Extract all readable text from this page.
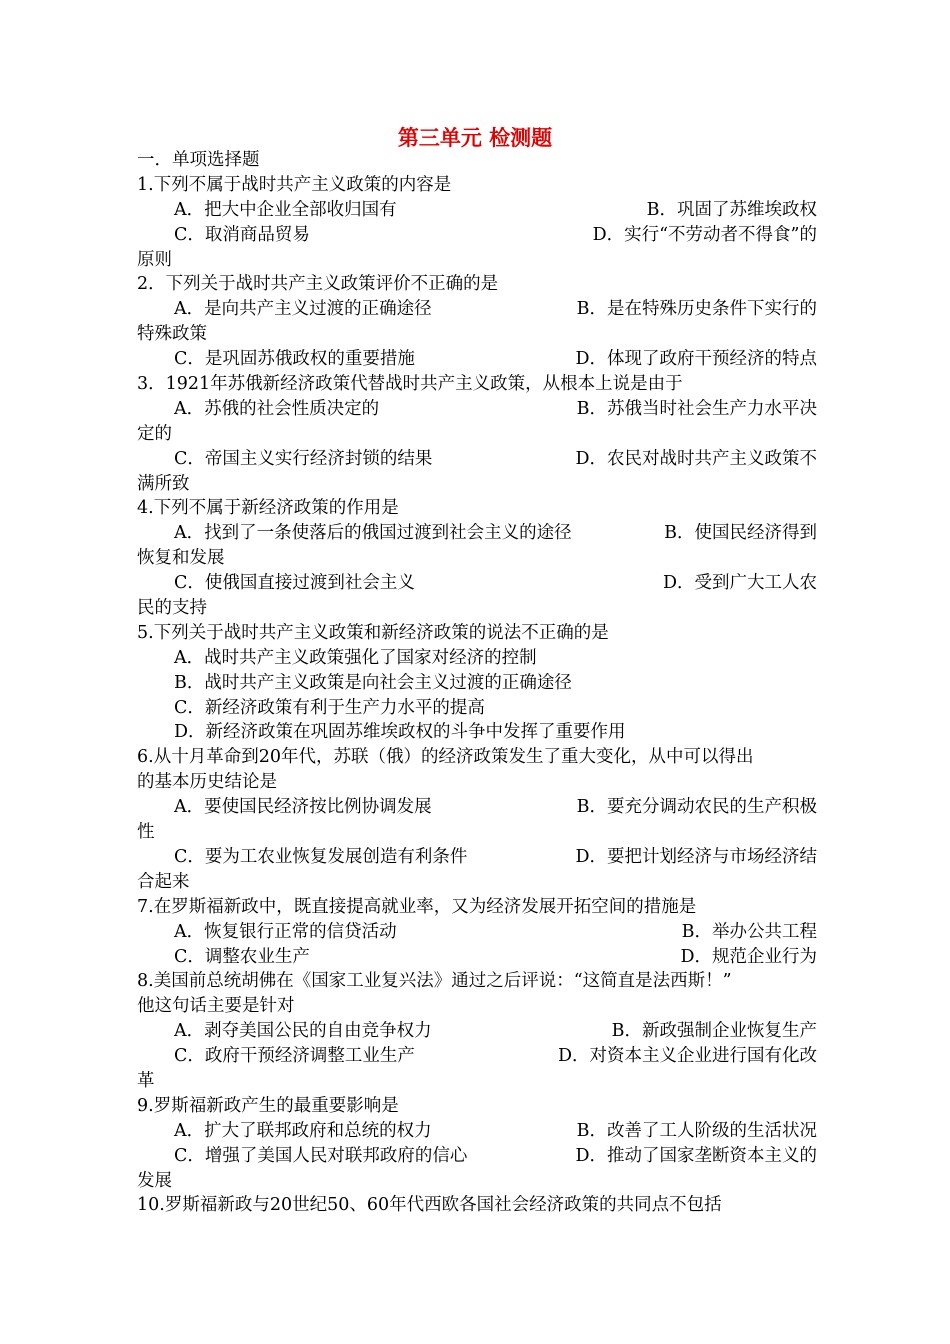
第三单元 检测题
一．单项选择题
1.下列不属于战时共产主义政策的内容是
A．把大中企业全部收归国有	B．巩固了苏维埃政权
C．取消商品贸易	D．实行“不劳动者不得食”的
原则
2．下列关于战时共产主义政策评价不正确的是
A．是向共产主义过渡的正确途径	B．是在特殊历史条件下实行的
特殊政策
C．是巩固苏俄政权的重要措施	D．体现了政府干预经济的特点
3．1921年苏俄新经济政策代替战时共产主义政策，从根本上说是由于
A．苏俄的社会性质决定的	B．苏俄当时社会生产力水平决
定的
C．帝国主义实行经济封锁的结果	D．农民对战时共产主义政策不
满所致
4.下列不属于新经济政策的作用是
A．找到了一条使落后的俄国过渡到社会主义的途径	B．使国民经济得到
恢复和发展
C．使俄国直接过渡到社会主义	D．受到广大工人农
民的支持
5.下列关于战时共产主义政策和新经济政策的说法不正确的是
A．战时共产主义政策强化了国家对经济的控制
B．战时共产主义政策是向社会主义过渡的正确途径
C．新经济政策有利于生产力水平的提高
D．新经济政策在巩固苏维埃政权的斗争中发挥了重要作用
6.从十月革命到20年代，苏联（俄）的经济政策发生了重大变化，从中可以得出
的基本历史结论是
A．要使国民经济按比例协调发展	B．要充分调动农民的生产积极
性
C．要为工农业恢复发展创造有利条件	D．要把计划经济与市场经济结
合起来
7.在罗斯福新政中，既直接提高就业率，又为经济发展开拓空间的措施是
A．恢复银行正常的信贷活动	B．举办公共工程
C．调整农业生产	D．规范企业行为
8.美国前总统胡佛在《国家工业复兴法》通过之后评说：“这简直是法西斯！”
他这句话主要是针对
A．剥夺美国公民的自由竞争权力	B．新政强制企业恢复生产
C．政府干预经济调整工业生产	D．对资本主义企业进行国有化改
革
9.罗斯福新政产生的最重要影响是
A．扩大了联邦政府和总统的权力	B．改善了工人阶级的生活状况
C．增强了美国人民对联邦政府的信心	D．推动了国家垄断资本主义的
发展
10.罗斯福新政与20世纪50、60年代西欧各国社会经济政策的共同点不包括
